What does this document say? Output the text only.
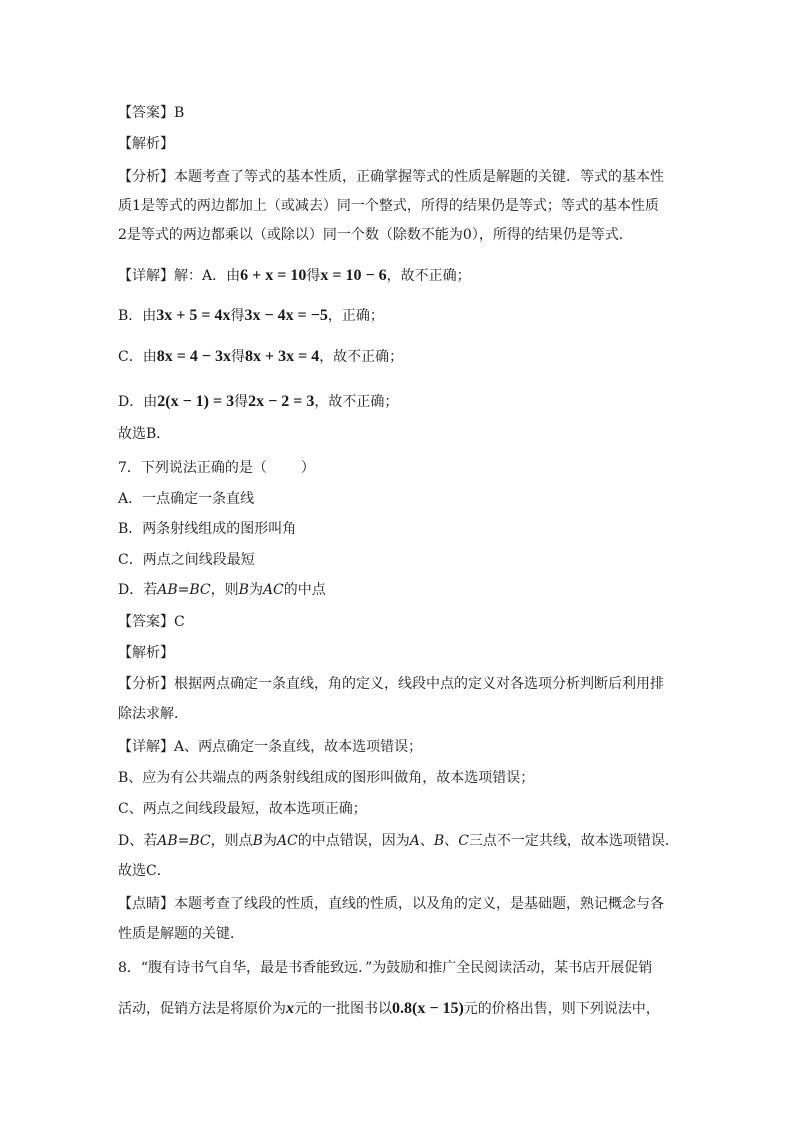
【答案】B
【解析】
【分析】本题考查了等式的基本性质，正确掌握等式的性质是解题的关键．等式的基本性
质1是等式的两边都加上（或减去）同一个整式，所得的结果仍是等式；等式的基本性质
2是等式的两边都乘以（或除以）同一个数（除数不能为0），所得的结果仍是等式．
【详解】解：A．由6 + x = 10得x = 10 − 6，故不正确；
B．由3x + 5 = 4x得3x − 4x = −5，正确；
C．由8x = 4 − 3x得8x + 3x = 4，故不正确；
D．由2(x − 1) = 3得2x − 2 = 3，故不正确；
故选B．
7．下列说法正确的是（ ）
A．一点确定一条直线
B．两条射线组成的图形叫角
C．两点之间线段最短
D．若AB=BC，则B为AC的中点
【答案】C
【解析】
【分析】根据两点确定一条直线，角的定义，线段中点的定义对各选项分析判断后利用排
除法求解．
【详解】A、两点确定一条直线，故本选项错误；
B、应为有公共端点的两条射线组成的图形叫做角，故本选项错误；
C、两点之间线段最短，故本选项正确；
D、若AB=BC，则点B为AC的中点错误，因为A、B、C三点不一定共线，故本选项错误．
故选C．
【点睛】本题考查了线段的性质，直线的性质，以及角的定义，是基础题，熟记概念与各
性质是解题的关键．
8．“腹有诗书气自华，最是书香能致远．”为鼓励和推广全民阅读活动，某书店开展促销
活动，促销方法是将原价为x元的一批图书以0.8(x − 15)元的价格出售，则下列说法中，
